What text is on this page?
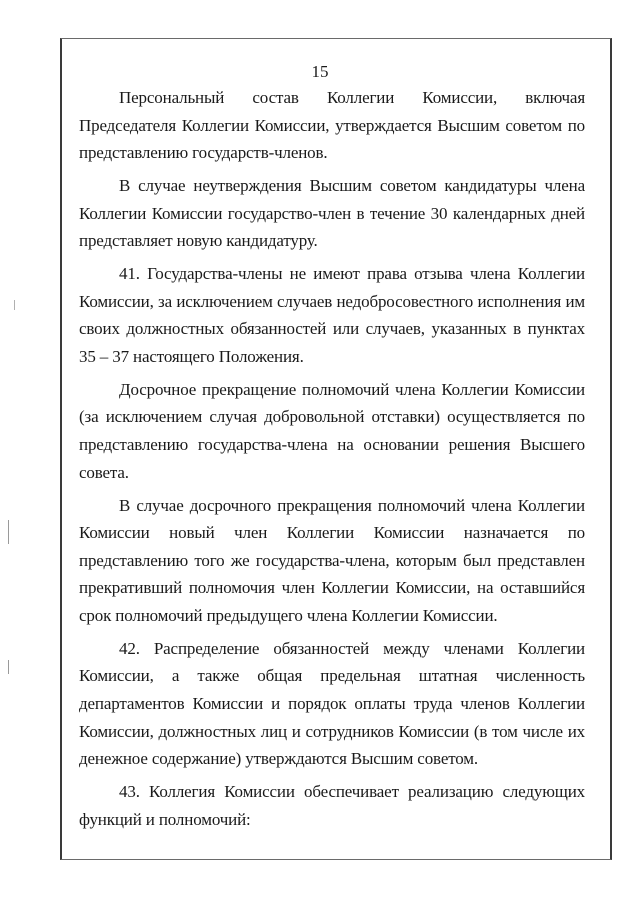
15

Персональный состав Коллегии Комиссии, включая Председателя Коллегии Комиссии, утверждается Высшим советом по представлению государств-членов.

В случае неутверждения Высшим советом кандидатуры члена Коллегии Комиссии государство-член в течение 30 календарных дней представляет новую кандидатуру.

41. Государства-члены не имеют права отзыва члена Коллегии Комиссии, за исключением случаев недобросовестного исполнения им своих должностных обязанностей или случаев, указанных в пунктах 35 – 37 настоящего Положения.

Досрочное прекращение полномочий члена Коллегии Комиссии (за исключением случая добровольной отставки) осуществляется по представлению государства-члена на основании решения Высшего совета.

В случае досрочного прекращения полномочий члена Коллегии Комиссии новый член Коллегии Комиссии назначается по представлению того же государства-члена, которым был представлен прекративший полномочия член Коллегии Комиссии, на оставшийся срок полномочий предыдущего члена Коллегии Комиссии.

42. Распределение обязанностей между членами Коллегии Комиссии, а также общая предельная штатная численность департаментов Комиссии и порядок оплаты труда членов Коллегии Комиссии, должностных лиц и сотрудников Комиссии (в том числе их денежное содержание) утверждаются Высшим советом.

43. Коллегия Комиссии обеспечивает реализацию следующих функций и полномочий:
